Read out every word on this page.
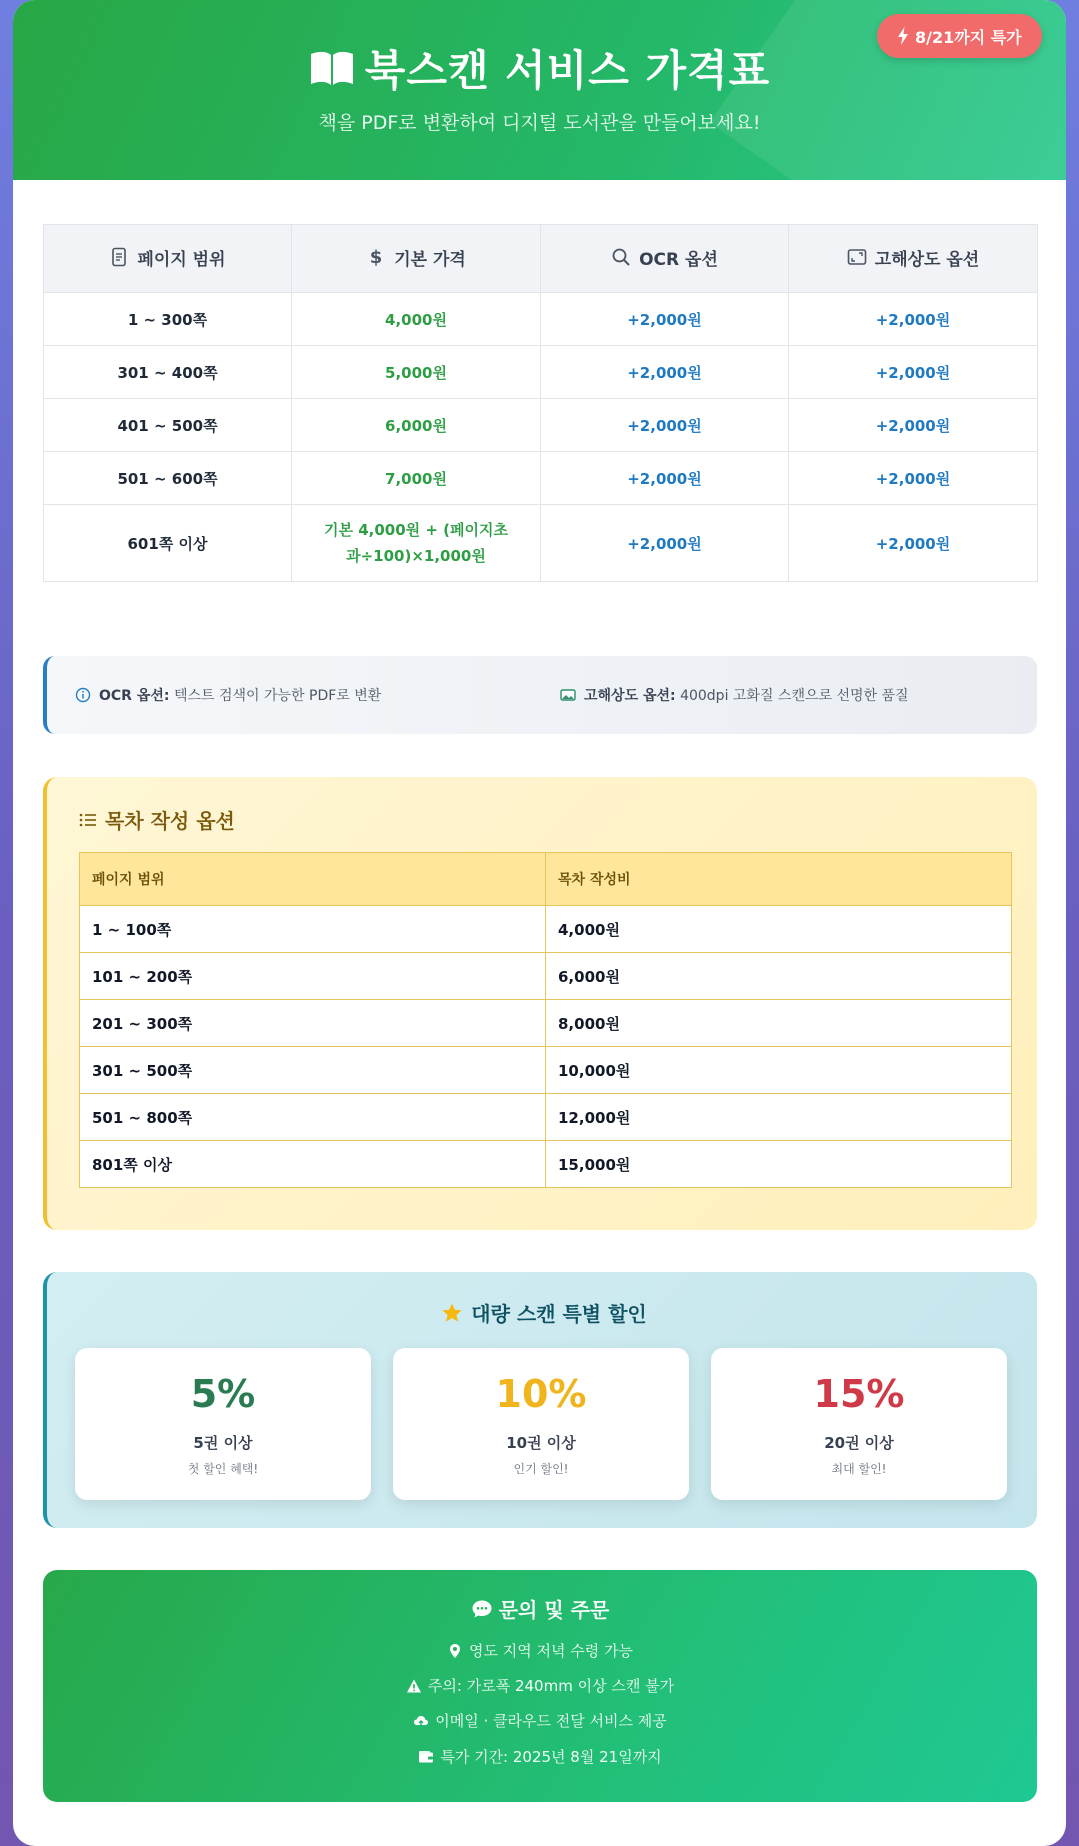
북스캔 서비스 가격표
책을 PDF로 변환하여 디지털 도서관을 만들어보세요!
페이지 범위	$ 기본 가격	OCR 옵션	고해상도 옵션

1 ~ 300쪽	4,000원	+2,000원	+2,000원
301 ~ 400쪽	5,000원	+2,000원	+2,000원
401 ~ 500쪽	6,000원	+2,000원	+2,000원
501 ~ 600쪽	7,000원	+2,000원	+2,000원
601쪽 이상	기본 4,000원 + (페이지초과÷100)×1,000원	+2,000원	+2,000원
OCR 옵션: 텍스트 검색이 가능한 PDF로 변환	고해상도 옵션: 400dpi 고화질 스캔으로 선명한 품질
목차 작성 옵션
페이지 범위	목차 작성비
1 ~ 100쪽	4,000원
101 ~ 200쪽	6,000원
201 ~ 300쪽	8,000원
301 ~ 500쪽	10,000원
501 ~ 800쪽	12,000원
801쪽 이상	15,000원
대량 스캔 특별 할인
5%
5권 이상
첫 할인 혜택!
10%
10권 이상
인기 할인!
15%
20권 이상
최대 할인!
문의 및 주문
영도 지역 저녁 수령 가능
주의: 가로폭 240mm 이상 스캔 불가
이메일 · 클라우드 전달 서비스 제공
특가 기간: 2025년 8월 21일까지
8/21까지 특가
